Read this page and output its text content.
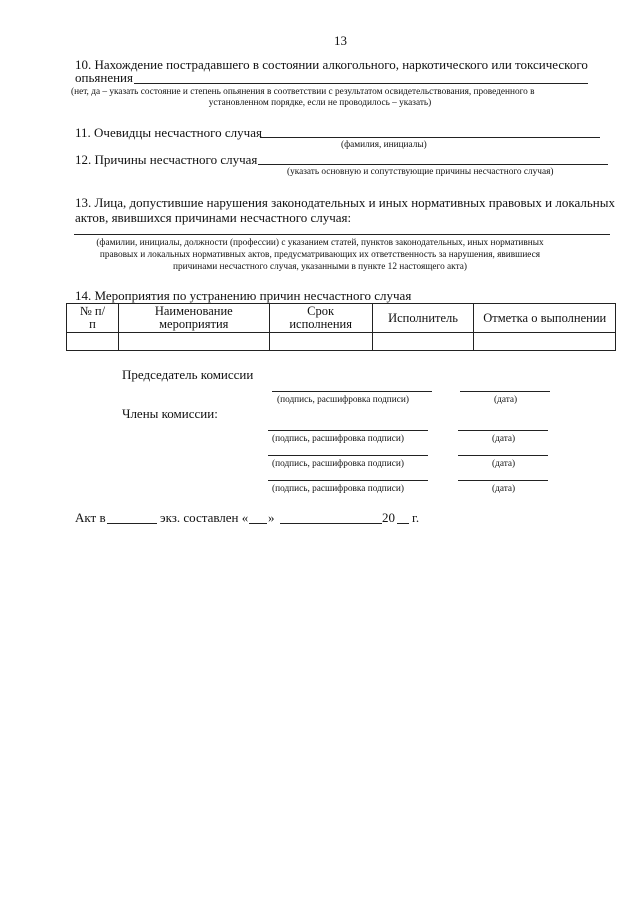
13
10. Нахождение пострадавшего в состоянии алкогольного, наркотического или токсического
опьянения
(нет, да – указать состояние и степень опьянения в соответствии с результатом освидетельствования, проведенного в
установленном порядке, если не проводилось – указать)
11. Очевидцы несчастного случая
(фамилия, инициалы)
12. Причины несчастного случая
(указать основную и сопутствующие причины несчастного случая)
13. Лица, допустившие нарушения законодательных и иных нормативных правовых и локальных
актов, явившихся причинами несчастного случая:
(фамилии, инициалы, должности (профессии) с указанием статей, пунктов законодательных, иных нормативных
правовых и локальных нормативных актов, предусматривающих их ответственность за нарушения, явившиеся
причинами несчастного случая, указанными в пункте 12 настоящего акта)
14. Мероприятия по устранению причин несчастного случая
№ п/п	Наименование мероприятия	Срок исполнения	Исполнитель	Отметка о выполнении

Председатель комиссии
(подпись, расшифровка подписи)	(дата)
Члены комиссии:
(подпись, расшифровка подписи)	(дата)
(подпись, расшифровка подписи)	(дата)
(подпись, расшифровка подписи)	(дата)
Акт в	экз. составлен « »	20 г.
